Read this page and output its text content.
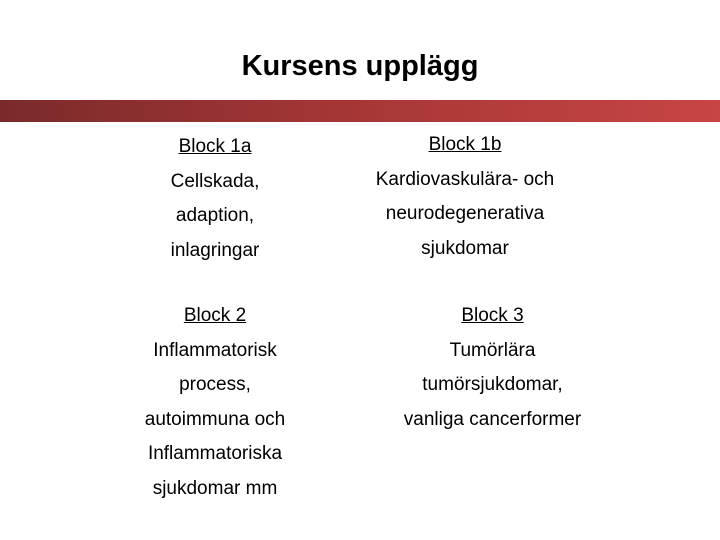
Kursens upplägg
Block 1a
Cellskada,
adaption,
inlagringar
Block 1b
Kardiovaskulära- och
neurodegenerativa
sjukdomar
Block 2
Inflammatorisk
process,
autoimmuna och
Inflammatoriska
sjukdomar mm
Block 3
Tumörlära
tumörsjukdomar,
vanliga cancerformer
